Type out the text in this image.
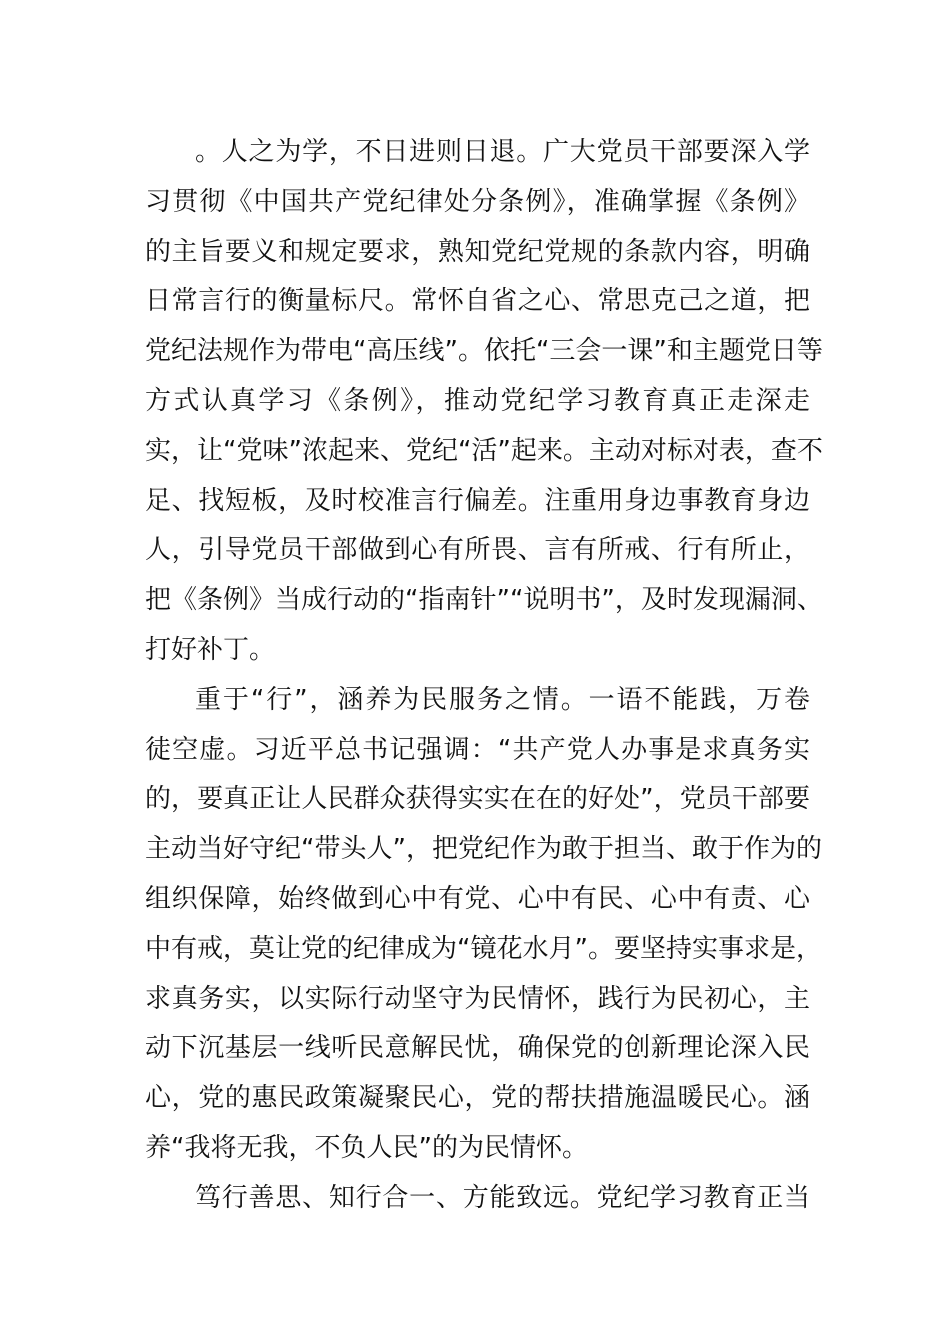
。人之为学，不日进则日退。广大党员干部要深入学
习贯彻《中国共产党纪律处分条例》，准确掌握《条例》
的主旨要义和规定要求，熟知党纪党规的条款内容，明确
日常言行的衡量标尺。常怀自省之心、常思克己之道，把
党纪法规作为带电“高压线”。依托“三会一课”和主题党日等
方式认真学习《条例》，推动党纪学习教育真正走深走
实，让“党味”浓起来、党纪“活”起来。主动对标对表，查不
足、找短板，及时校准言行偏差。注重用身边事教育身边
人，引导党员干部做到心有所畏、言有所戒、行有所止，
把《条例》当成行动的“指南针”“说明书”，及时发现漏洞、
打好补丁。
重于“行”，涵养为民服务之情。一语不能践，万卷
徒空虚。习近平总书记强调：“共产党人办事是求真务实
的，要真正让人民群众获得实实在在的好处”，党员干部要
主动当好守纪“带头人”，把党纪作为敢于担当、敢于作为的
组织保障，始终做到心中有党、心中有民、心中有责、心
中有戒，莫让党的纪律成为“镜花水月”。要坚持实事求是，
求真务实，以实际行动坚守为民情怀，践行为民初心，主
动下沉基层一线听民意解民忧，确保党的创新理论深入民
心，党的惠民政策凝聚民心，党的帮扶措施温暖民心。涵
养“我将无我，不负人民”的为民情怀。
笃行善思、知行合一、方能致远。党纪学习教育正当
